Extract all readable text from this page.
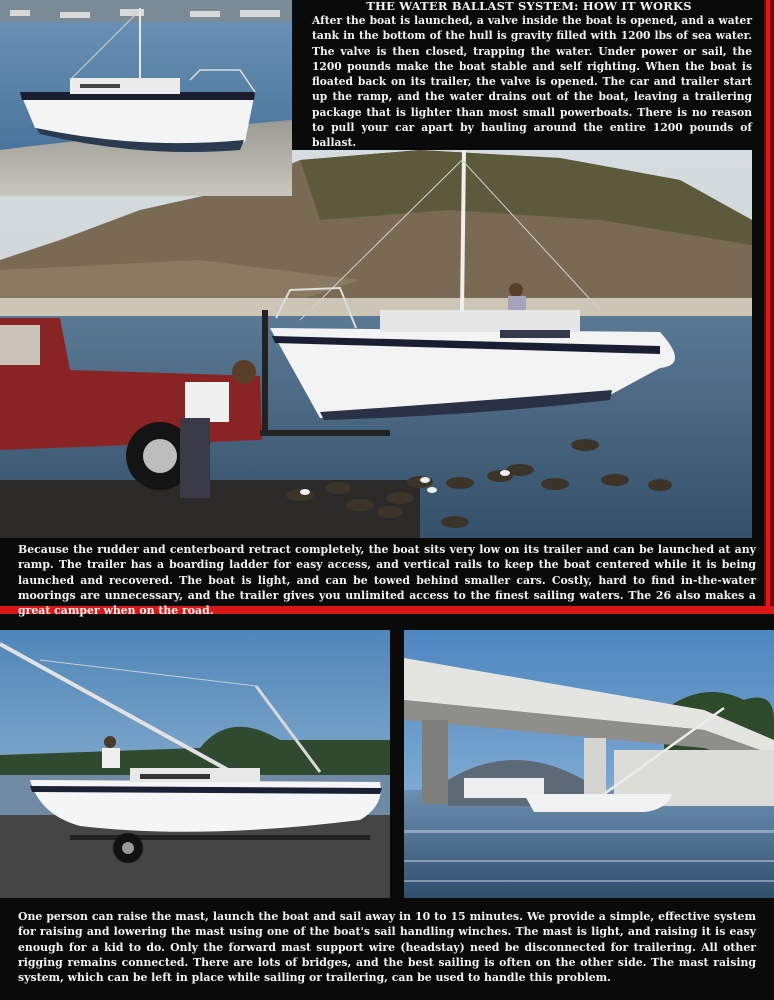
THE WATER BALLAST SYSTEM: HOW IT WORKS

After the boat is launched, a valve inside the boat is opened, and a water tank in the bottom of the hull is gravity filled with 1200 lbs of sea water. The valve is then closed, trapping the water. Under power or sail, the 1200 pounds make the boat stable and self righting. When the boat is floated back on its trailer, the valve is opened. The car and trailer start up the ramp, and the water drains out of the boat, leaving a trailering package that is lighter than most small powerboats. There is no reason to pull your car apart by hauling around the entire 1200 pounds of ballast.

Because the rudder and centerboard retract completely, the boat sits very low on its trailer and can be launched at any ramp. The trailer has a boarding ladder for easy access, and vertical rails to keep the boat centered while it is being launched and recovered. The boat is light, and can be towed behind smaller cars. Costly, hard to find in-the-water moorings are unnecessary, and the trailer gives you unlimited access to the finest sailing waters. The 26 also makes a great camper when on the road.

One person can raise the mast, launch the boat and sail away in 10 to 15 minutes. We provide a simple, effective system for raising and lowering the mast using one of the boat's sail handling winches. The mast is light, and raising it is easy enough for a kid to do. Only the forward mast support wire (headstay) need be disconnected for trailering. All other rigging remains connected. There are lots of bridges, and the best sailing is often on the other side. The mast raising system, which can be left in place while sailing or trailering, can be used to handle this problem.
